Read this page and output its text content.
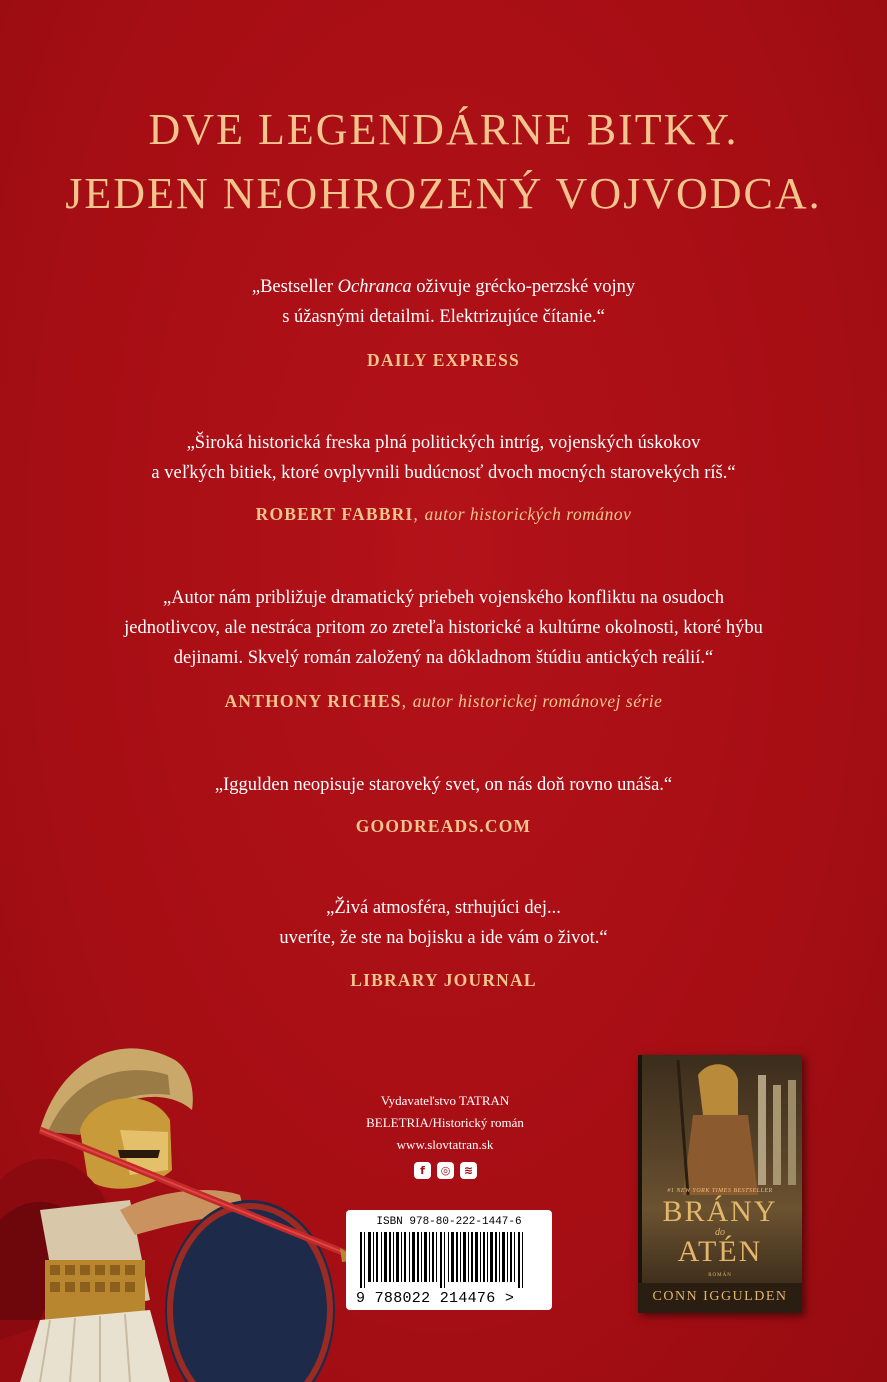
DVE LEGENDÁRNE BITKY.
JEDEN NEOHROZENÝ VOJVODCA.

„Bestseller Ochranca oživuje grécko-perzské vojny

s úžasnými detailmi. Elektrizujúce čítanie.“

DAILY EXPRESS

„Široká historická freska plná politických intríg, vojenských úskokov

a veľkých bitiek, ktoré ovplyvnili budúcnosť dvoch mocných starovekých ríš.“

ROBERT FABBRI, autor historických románov

„Autor nám približuje dramatický priebeh vojenského konfliktu na osudoch

jednotlivcov, ale nestráca pritom zo zreteľa historické a kultúrne okolnosti, ktoré hýbu

dejinami. Skvelý román založený na dôkladnom štúdiu antických reálií.“

ANTHONY RICHES, autor historickej románovej série

„Iggulden neopisuje staroveký svet, on nás doň rovno unáša.“

GOODREADS.COM

„Živá atmosféra, strhujúci dej...

uveríte, že ste na bojisku a ide vám o život.“

LIBRARY JOURNAL
Vydavateľstvo TATRAN
BELETRIA/Historický román
www.slovtatran.sk
f	◎	≋
ISBN 978-80-222-1447-6
9 788022 214476 >
#1 NEW YORK TIMES BESTSELLER
BRÁNY
do
ATÉN
ROMÁN
CONN IGGULDEN
